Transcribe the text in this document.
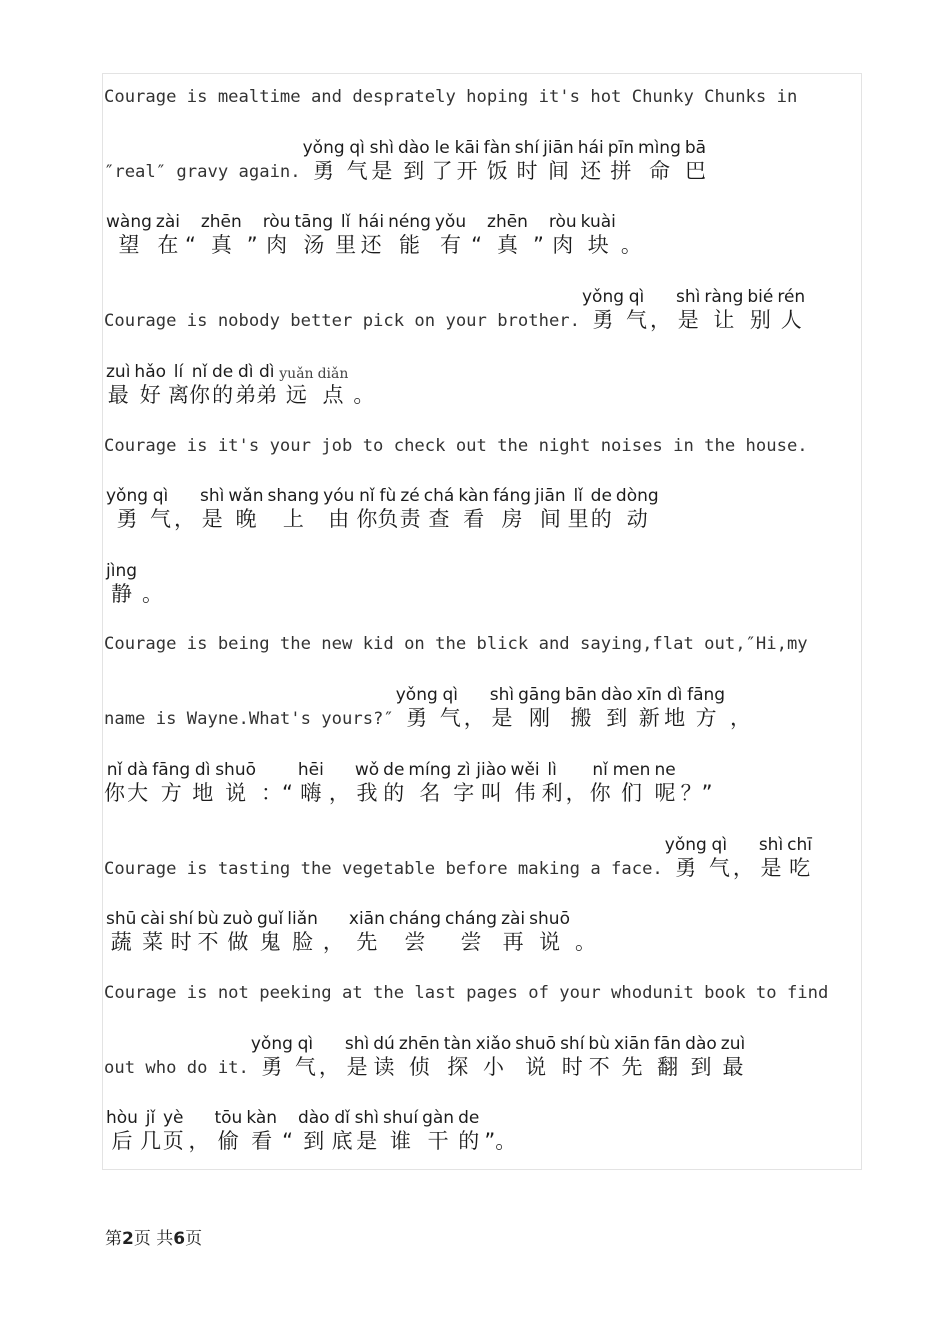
Courage is mealtime and desprately hoping it's hot Chunky Chunks in

″real″ gravy again.
yǒng
勇
qì
气
shì
是
dào
到
le
了
kāi
开
fàn
饭
shí
时
jiān
间
hái
还
pīn
拼
mìng
命
bā
巴
wàng
望
zài
在
“
zhēn
真
”
ròu
肉
tāng
汤
lǐ
里
hái
还
néng
能
yǒu
有
“
zhēn
真
”
ròu
肉
kuài
块
。

Courage is nobody better pick on your brother.
yǒng
勇
qì
气
，
shì
是
ràng
让
bié
别
rén
人
zuì
最
hǎo
好
lí
离
nǐ
你
de
的
dì
弟
dì
弟
yuǎn
远
diǎn
点
。
Courage is it's your job to check out the night noises in the house.
yǒng
勇
qì
气
，
shì
是
wǎn
晚
shang
上
yóu
由
nǐ
你
fù
负
zé
责
chá
查
kàn
看
fáng
房
jiān
间
lǐ
里
de
的
dòng
动
jìng
静
。
Courage is being the new kid on the blick and saying,flat out,″Hi,my

name is Wayne.What's yours?″
yǒng
勇
qì
气
，
shì
是
gāng
刚
bān
搬
dào
到
xīn
新
dì
地
fāng
方
，
nǐ
你
dà
大
fāng
方
dì
地
shuō
说
：“
hēi
嗨
，
wǒ
我
de
的
míng
名
zì
字
jiào
叫
wěi
伟
lì
利
，
nǐ
你
men
们
ne
呢
？”

Courage is tasting the vegetable before making a face.
yǒng
勇
qì
气
，
shì
是
chī
吃
shū
蔬
cài
菜
shí
时
bù
不
zuò
做
guǐ
鬼
liǎn
脸
，
xiān
先
cháng
尝
cháng
尝
zài
再
shuō
说
。
Courage is not peeking at the last pages of your whodunit book to find

out who do it.
yǒng
勇
qì
气
，
shì
是
dú
读
zhēn
侦
tàn
探
xiǎo
小
shuō
说
shí
时
bù
不
xiān
先
fān
翻
dào
到
zuì
最
hòu
后
jǐ
几
yè
页
，
tōu
偷
kàn
看
“
dào
到
dǐ
底
shì
是
shuí
谁
gàn
干
de
的
”。
第2页 共6页
